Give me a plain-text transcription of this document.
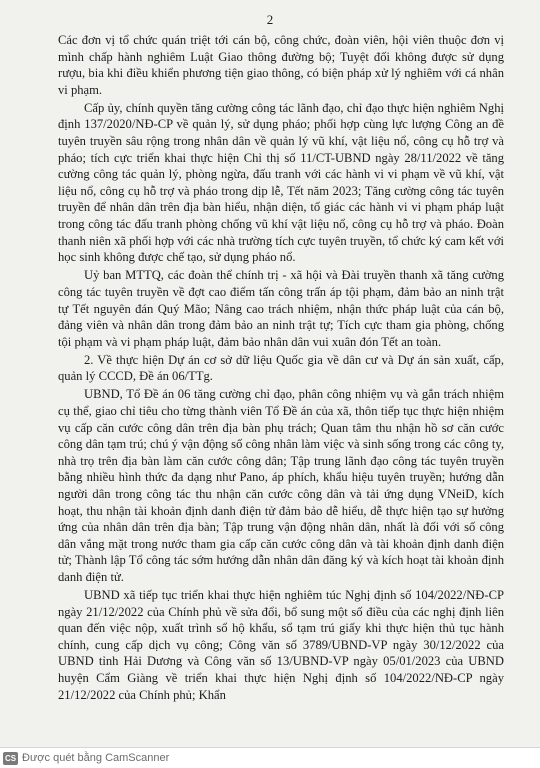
2

Các đơn vị tổ chức quán triệt tới cán bộ, công chức, đoàn viên, hội viên thuộc đơn vị mình chấp hành nghiêm Luật Giao thông đường bộ; Tuyệt đối không được sử dụng rượu, bia khi điều khiển phương tiện giao thông, có biện pháp xử lý nghiêm với cá nhân vi phạm.

Cấp ủy, chính quyền tăng cường công tác lãnh đạo, chỉ đạo thực hiện nghiêm Nghị định 137/2020/NĐ-CP về quản lý, sử dụng pháo; phối hợp cùng lực lượng Công an đề tuyên truyền sâu rộng trong nhân dân về quản lý vũ khí, vật liệu nổ, công cụ hỗ trợ và pháo; tích cực triển khai thực hiện Chỉ thị số 11/CT-UBND ngày 28/11/2022 về tăng cường công tác quản lý, phòng ngừa, đấu tranh với các hành vi vi phạm về vũ khí, vật liệu nổ, công cụ hỗ trợ và pháo trong dịp lễ, Tết năm 2023; Tăng cường công tác tuyên truyền để nhân dân trên địa bàn hiểu, nhận diện, tố giác các hành vi vi phạm pháp luật trong công tác đấu tranh phòng chống vũ khí vật liệu nổ, công cụ hỗ trợ và pháo. Đoàn thanh niên xã phối hợp với các nhà trường tích cực tuyên truyền, tổ chức ký cam kết với học sinh không được chế tạo, sử dụng pháo nổ.

Uỷ ban MTTQ, các đoàn thể chính trị - xã hội và Đài truyền thanh xã tăng cường công tác tuyên truyền về đợt cao điểm tấn công trấn áp tội phạm, đảm bảo an ninh trật tự Tết nguyên đán Quý Mão; Nâng cao trách nhiệm, nhận thức pháp luật của cán bộ, đảng viên và nhân dân trong đảm bảo an ninh trật tự; Tích cực tham gia phòng, chống tội phạm và vi phạm pháp luật, đảm bảo nhân dân vui xuân đón Tết an toàn.

2. Về thực hiện Dự án cơ sở dữ liệu Quốc gia về dân cư và Dự án sản xuất, cấp, quản lý CCCD, Đề án 06/TTg.

UBND, Tổ Đề án 06 tăng cường chỉ đạo, phân công nhiệm vụ và gắn trách nhiệm cụ thể, giao chỉ tiêu cho từng thành viên Tổ Đề án của xã, thôn tiếp tục thực hiện nhiệm vụ cấp căn cước công dân trên địa bàn phụ trách; Quan tâm thu nhận hồ sơ căn cước công dân tạm trú; chú ý vận động số công nhân làm việc và sinh sống trong các công ty, nhà trọ trên địa bàn làm căn cước công dân; Tập trung lãnh đạo công tác tuyên truyền bằng nhiều hình thức đa dạng như Pano, áp phích, khẩu hiệu tuyên truyền; hướng dẫn người dân trong công tác thu nhận căn cước công dân và tải ứng dụng VNeiD, kích hoạt, thu nhận tài khoản định danh điện tử đảm bảo dễ hiểu, dễ thực hiện tạo sự hưởng ứng của nhân dân trên địa bàn; Tập trung vận động nhân dân, nhất là đối với số công dân vắng mặt trong nước tham gia cấp căn cước công dân và tài khoản định danh điện tử; Thành lập Tổ công tác sớm hướng dẫn nhân dân đăng ký và kích hoạt tài khoản định danh điện tử.

UBND xã tiếp tục triển khai thực hiện nghiêm túc Nghị định số 104/2022/NĐ-CP ngày 21/12/2022 của Chính phủ về sửa đổi, bổ sung một số điều của các nghị định liên quan đến việc nộp, xuất trình sổ hộ khẩu, sổ tạm trú giấy khi thực hiện thủ tục hành chính, cung cấp dịch vụ công; Công văn số 3789/UBND-VP ngày 30/12/2022 của UBND tỉnh Hải Dương và Công văn số 13/UBND-VP ngày 05/01/2023 của UBND huyện Cẩm Giàng về triển khai thực hiện Nghị định số 104/2022/NĐ-CP ngày 21/12/2022 của Chính phủ; Khẩn

CS Được quét bằng CamScanner
